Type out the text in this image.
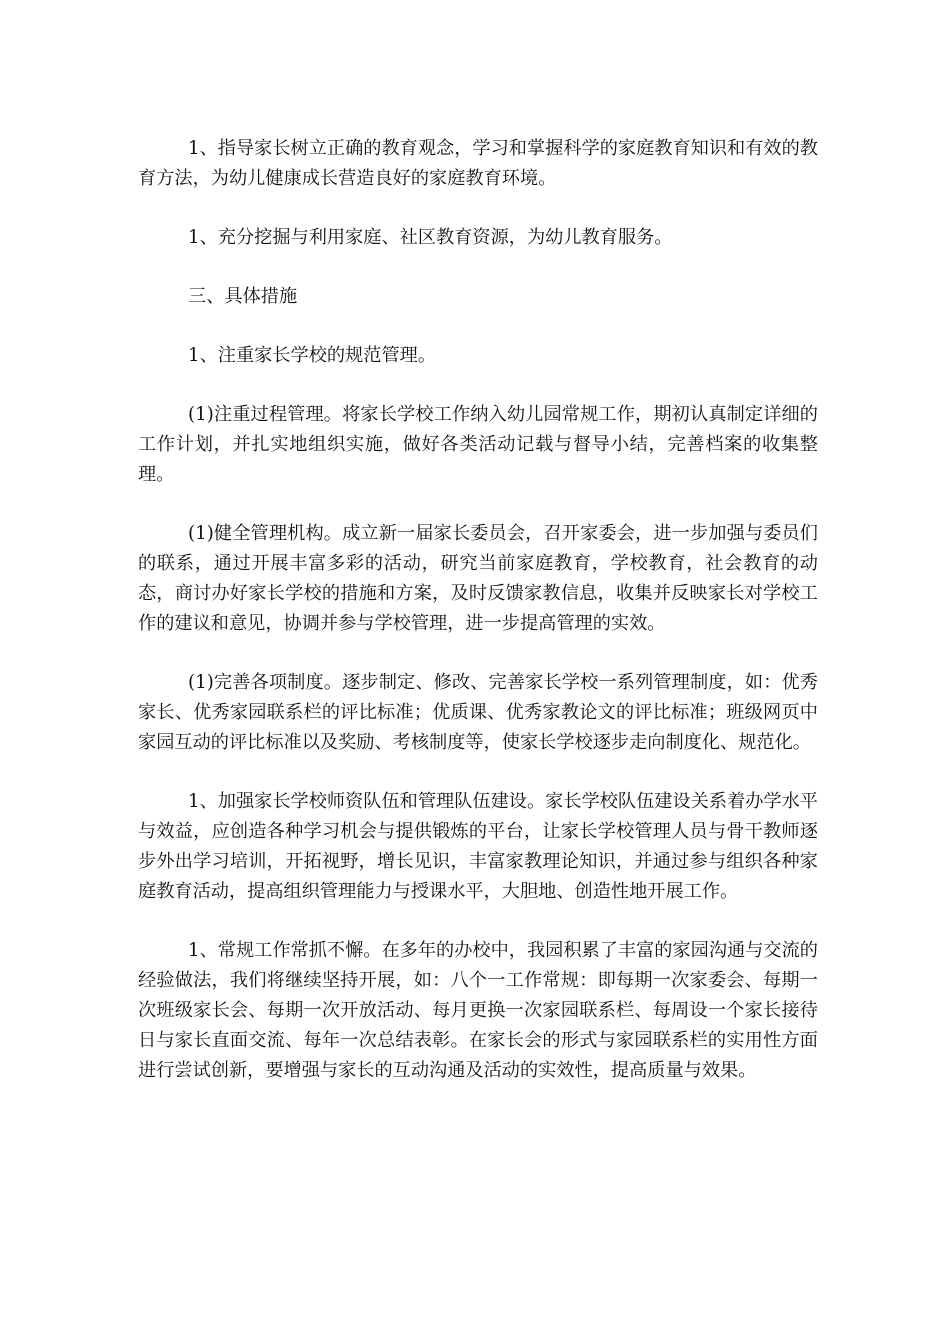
1、指导家长树立正确的教育观念，学习和掌握科学的家庭教育知识和有效的教育方法，为幼儿健康成长营造良好的家庭教育环境。

1、充分挖掘与利用家庭、社区教育资源，为幼儿教育服务。

三、具体措施

1、注重家长学校的规范管理。

(1)注重过程管理。将家长学校工作纳入幼儿园常规工作，期初认真制定详细的工作计划，并扎实地组织实施，做好各类活动记载与督导小结，完善档案的收集整理。

(1)健全管理机构。成立新一届家长委员会，召开家委会，进一步加强与委员们的联系，通过开展丰富多彩的活动，研究当前家庭教育，学校教育，社会教育的动态，商讨办好家长学校的措施和方案，及时反馈家教信息，收集并反映家长对学校工作的建议和意见，协调并参与学校管理，进一步提高管理的实效。

(1)完善各项制度。逐步制定、修改、完善家长学校一系列管理制度，如：优秀家长、优秀家园联系栏的评比标准；优质课、优秀家教论文的评比标准；班级网页中家园互动的评比标准以及奖励、考核制度等，使家长学校逐步走向制度化、规范化。

1、加强家长学校师资队伍和管理队伍建设。家长学校队伍建设关系着办学水平与效益，应创造各种学习机会与提供锻炼的平台，让家长学校管理人员与骨干教师逐步外出学习培训，开拓视野，增长见识，丰富家教理论知识，并通过参与组织各种家庭教育活动，提高组织管理能力与授课水平，大胆地、创造性地开展工作。

1、常规工作常抓不懈。在多年的办校中，我园积累了丰富的家园沟通与交流的经验做法，我们将继续坚持开展，如：八个一工作常规：即每期一次家委会、每期一次班级家长会、每期一次开放活动、每月更换一次家园联系栏、每周设一个家长接待日与家长直面交流、每年一次总结表彰。在家长会的形式与家园联系栏的实用性方面进行尝试创新，要增强与家长的互动沟通及活动的实效性，提高质量与效果。
